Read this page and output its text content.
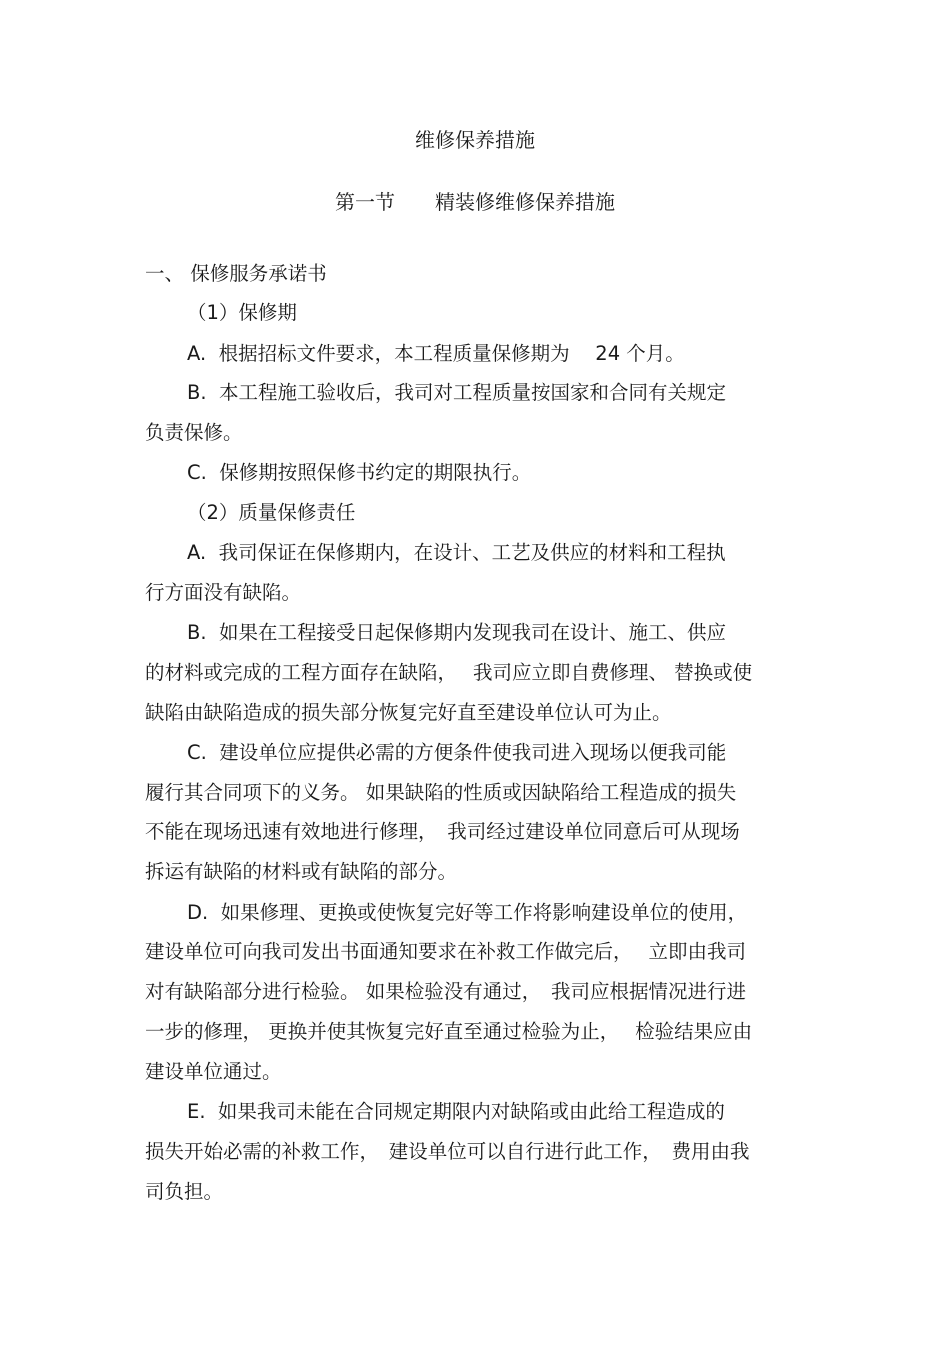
维修保养措施
第一节　　精装修维修保养措施
一、 保修服务承诺书
（1）保修期
A.  根据招标文件要求，本工程质量保修期为　 24 个月。
B.  本工程施工验收后，我司对工程质量按国家和合同有关规定
负责保修。
C.  保修期按照保修书约定的期限执行。
（2）质量保修责任
A.  我司保证在保修期内，在设计、工艺及供应的材料和工程执
行方面没有缺陷。
B.  如果在工程接受日起保修期内发现我司在设计、施工、供应
的材料或完成的工程方面存在缺陷，　 我司应立即自费修理、 替换或使
缺陷由缺陷造成的损失部分恢复完好直至建设单位认可为止。
C.  建设单位应提供必需的方便条件使我司进入现场以便我司能
履行其合同项下的义务。 如果缺陷的性质或因缺陷给工程造成的损失
不能在现场迅速有效地进行修理，　我司经过建设单位同意后可从现场
拆运有缺陷的材料或有缺陷的部分。
D.  如果修理、更换或使恢复完好等工作将影响建设单位的使用，
建设单位可向我司发出书面通知要求在补救工作做完后，　 立即由我司
对有缺陷部分进行检验。 如果检验没有通过，　我司应根据情况进行进
一步的修理， 更换并使其恢复完好直至通过检验为止，　 检验结果应由
建设单位通过。
E.  如果我司未能在合同规定期限内对缺陷或由此给工程造成的
损失开始必需的补救工作，　建设单位可以自行进行此工作，　费用由我
司负担。
